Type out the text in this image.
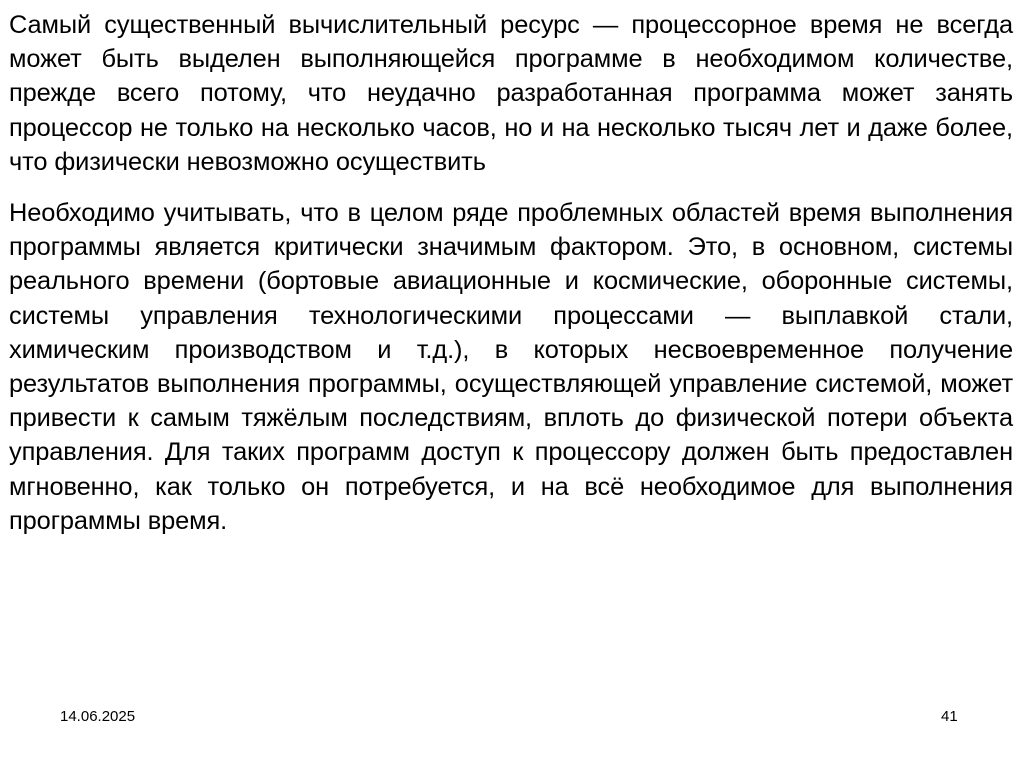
Самый существенный вычислительный ресурс — процессорное время не всегда может быть выделен выполняющейся программе в необходимом количестве, прежде всего потому, что неудачно разработанная программа может занять процессор не только на несколько часов, но и на несколько тысяч лет и даже более, что физически невозможно осуществить

Необходимо учитывать, что в целом ряде проблемных областей время выполнения программы является критически значимым фактором. Это, в основном, системы реального времени (бортовые авиационные и космические, оборонные системы, системы управления технологическими процессами — выплавкой стали, химическим производством и т.д.), в которых несвоевременное получение результатов выполнения программы, осуществляющей управление системой, может привести к самым тяжёлым последствиям, вплоть до физической потери объекта управления. Для таких программ доступ к процессору должен быть предоставлен мгновенно, как только он потребуется, и на всё необходимое для выполнения программы время.

14.06.2025	41
